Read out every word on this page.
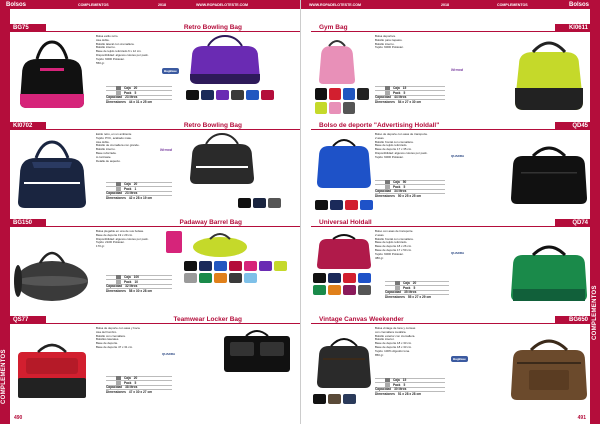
Bolsos	COMPLEMENTOS	2018	WWW.ROPADELOTESTE.COM
COMPLEMENTOS
BG75	Retro Bowling Bag
Bolsa estilo retro.
Asa doble.
Bolsillo lateral con cremallera.
Bolsillo interno.
Base de tejido reforzado 6 x 12 cm.
Disponibilidad: algunos colores por pack.
Tejido: 600D Poliéster.
550 gr.
BagBase
Caja 20
Pack 5
Capacidad 23 litros
Dimensiones 44 x 31 x 25 cm
KI0702	Retro Bowling Bag
Estilo retro, en un ambiente
Tejido: PVC, acabado mate.
Asa doble.
Bolsillo de cremallera con grande.
Bolsillo interno.
Base reforzada.
A contraste.
Detalle de aspecto.
Wrmod
Caja 20
Pack 1
Capacidad 23 litros
Dimensiones 42 x 28 x 19 cm
BG150	Padaway Barrel Bag
Bolsa plegable en una de sus bolsas.
Base de deporte 19 x 29 cm.
Disponibilidad: algunos colores por pack.
Tejido: 210D Poliéster.
170 gr.
Caja 100
Pack 10
Capacidad 32 litros
Dimensiones 58 x 30 x 28 cm
QS77	Teamwear Locker Bag
Bolsa de deporte con asas y boca.
Asa del hombro.
Bolsillo con cremallera.
Bolsillos laterales.
Base de deporte.
Base de deporte 47 x 31 cm.
QUADRA
Caja 20
Pack 5
Capacidad 38 litros
Dimensiones 47 x 30 x 27 cm
490
WWW.ROPADELOTESTE.COM	2018	COMPLEMENTOS	Bolsos
COMPLEMENTOS
KI0611
Gym Bag
Bolsa deportiva.
Bolsillo para zapatos.
Bolsillo interno.
Tejido: 600D Poliéster.
Wrmod
Caja 15
Pack 5
Capacidad 44 litros
Dimensiones 54 x 27 x 30 cm
QD45
Bolso de deporte "Advertising Holdall"
Bolso de deporte con asas de transporte.
2 asas.
Bolsillo frontal con cremallera.
Base de tejido reforzado.
Base de deporte 17 x 35 cm.
Disponibilidad: algunos colores por pack.
Tejido: 600D Poliéster.	QUADRA
Caja 50
Pack 5
Capacidad 34 litros
Dimensiones 50 x 25 x 25 cm
QD74
Universal Holdall
Bolso con asas de transporte.
2 asas.
Bolsillo frontal con cremallera.
Base de tejido reforzado.
Base de deporte 18 x 26 cm.
Base de deporte 17 x 50 cm.
Tejido: 600D Poliéster.
380 gr.
QUADRA
Caja 20
Pack 5
Capacidad 35 litros
Dimensiones 55 x 27 x 29 cm
BG650
Vintage Canvas Weekender
Bolsa vintage de lona y correas
con cremallera metálica.
Bolsillo exterior con cremallera.
Bolsillo interior.
Base de deporte 18 x 33 cm.
Base de deporte 18 x 33 cm.
Tejido: 100% Algodón lona.
850 gr.
BagBase
Caja 15
Pack 5
Capacidad 30 litros
Dimensiones 51 x 28 x 28 cm
491
